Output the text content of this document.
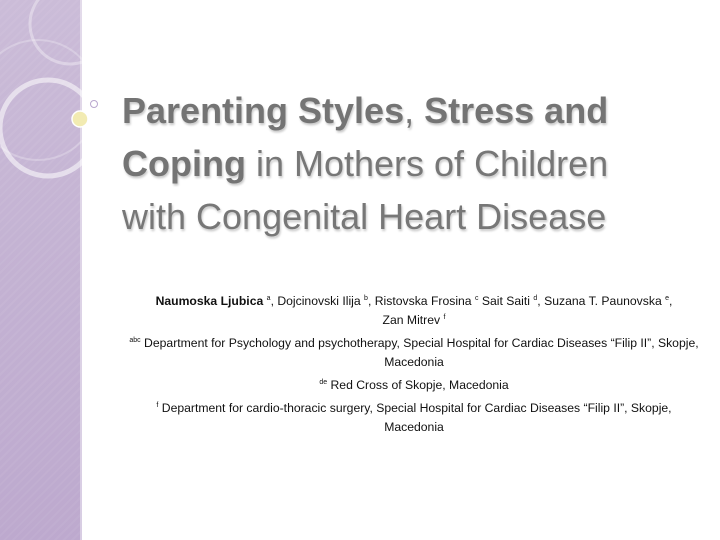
Parenting Styles, Stress and
Coping in Mothers of Children
with Congenital Heart Disease

Naumoska Ljubica $^a$, Dojcinovski Ilija $^b$, Ristovska Frosina $^c$ Sait Saiti $^d$, Suzana T. Paunovska $^e$,
Zan Mitrev $^f$

$^{abc}$ Department for Psychology and psychotherapy, Special Hospital for Cardiac Diseases “Filip II”, Skopje, Macedonia

$^{de}$ Red Cross of Skopje, Macedonia

$^f$ Department for cardio-thoracic surgery, Special Hospital for Cardiac Diseases “Filip II”, Skopje, Macedonia
